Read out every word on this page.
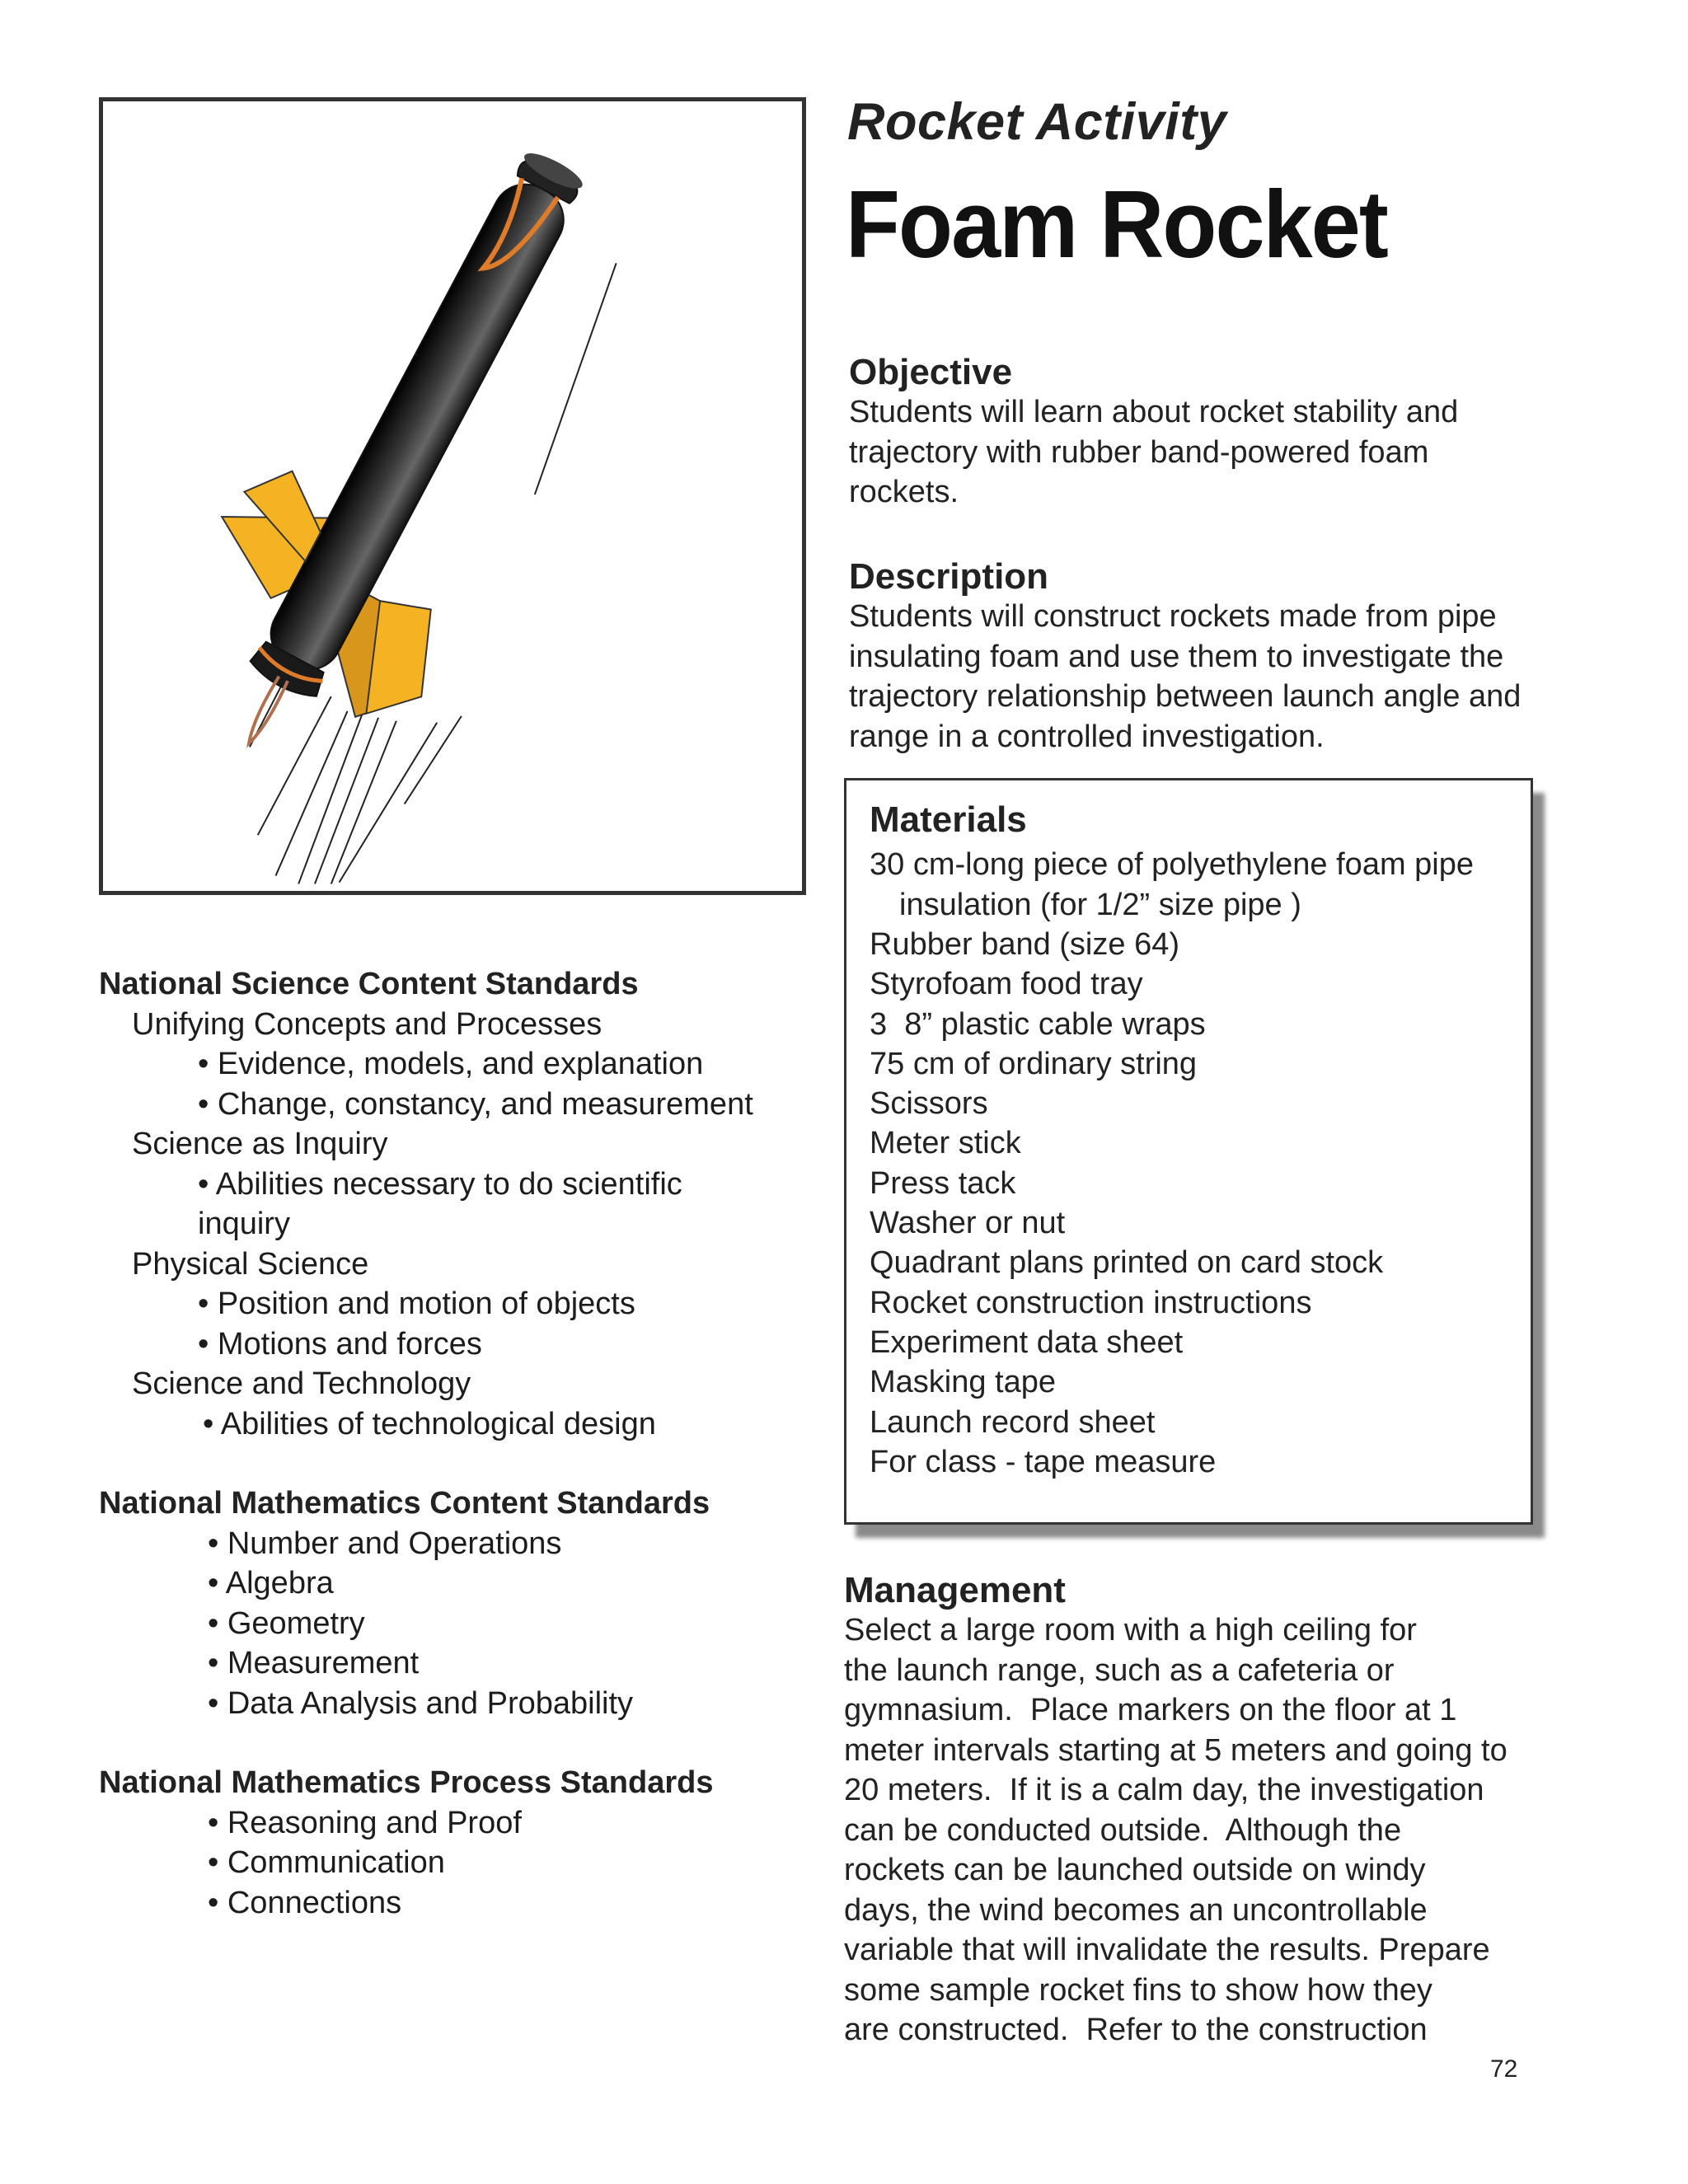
Rocket Activity
Foam Rocket
Objective
Students will learn about rocket stability and trajectory with rubber band-powered foam rockets.
Description
Students will construct rockets made from pipe insulating foam and use them to investigate the trajectory relationship between launch angle and range in a controlled investigation.
Materials
30 cm-long piece of polyethylene foam pipe
insulation (for 1/2” size pipe )
Rubber band (size 64)
Styrofoam food tray
3  8” plastic cable wraps
75 cm of ordinary string
Scissors
Meter stick
Press tack
Washer or nut
Quadrant plans printed on card stock
Rocket construction instructions
Experiment data sheet
Masking tape
Launch record sheet
For class - tape measure
Management
Select a large room with a high ceiling for
the launch range, such as a cafeteria or
gymnasium.  Place markers on the floor at 1
meter intervals starting at 5 meters and going to
20 meters.  If it is a calm day, the investigation
can be conducted outside.  Although the
rockets can be launched outside on windy
days, the wind becomes an uncontrollable
variable that will invalidate the results. Prepare
some sample rocket fins to show how they
are constructed.  Refer to the construction
National Science Content Standards
Unifying Concepts and Processes
• Evidence, models, and explanation
• Change, constancy, and measurement
Science as Inquiry
• Abilities necessary to do scientific
inquiry
Physical Science
• Position and motion of objects
• Motions and forces
Science and Technology
• Abilities of technological design
National Mathematics Content Standards
• Number and Operations
• Algebra
• Geometry
• Measurement
• Data Analysis and Probability
National Mathematics Process Standards
• Reasoning and Proof
• Communication
• Connections
72
